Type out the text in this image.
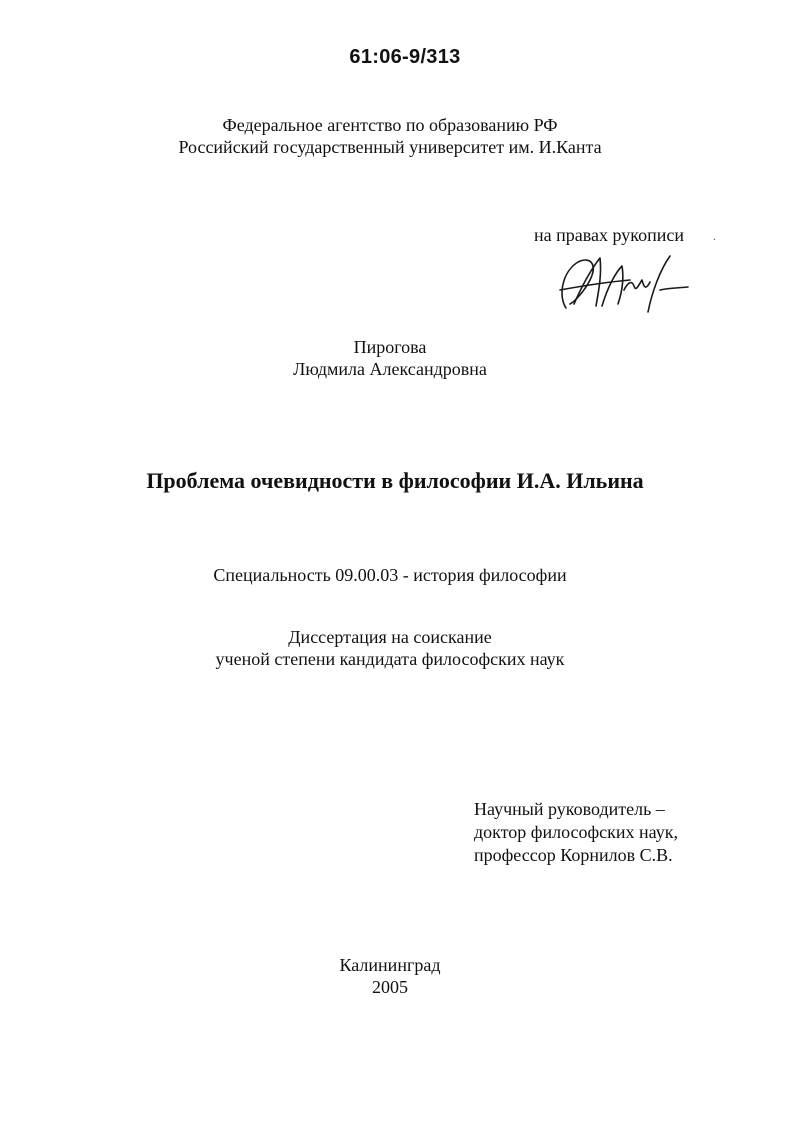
61:06-9/313
Федеральное агентство по образованию РФ
Российский государственный университет им. И.Канта
на правах рукописи .
Пирогова
Людмила Александровна
Проблема очевидности в философии И.А. Ильина
Специальность 09.00.03 - история философии
Диссертация на соискание
ученой степени кандидата философских наук
Научный руководитель –
доктор философских наук,
профессор Корнилов С.В.
Калининград
2005
